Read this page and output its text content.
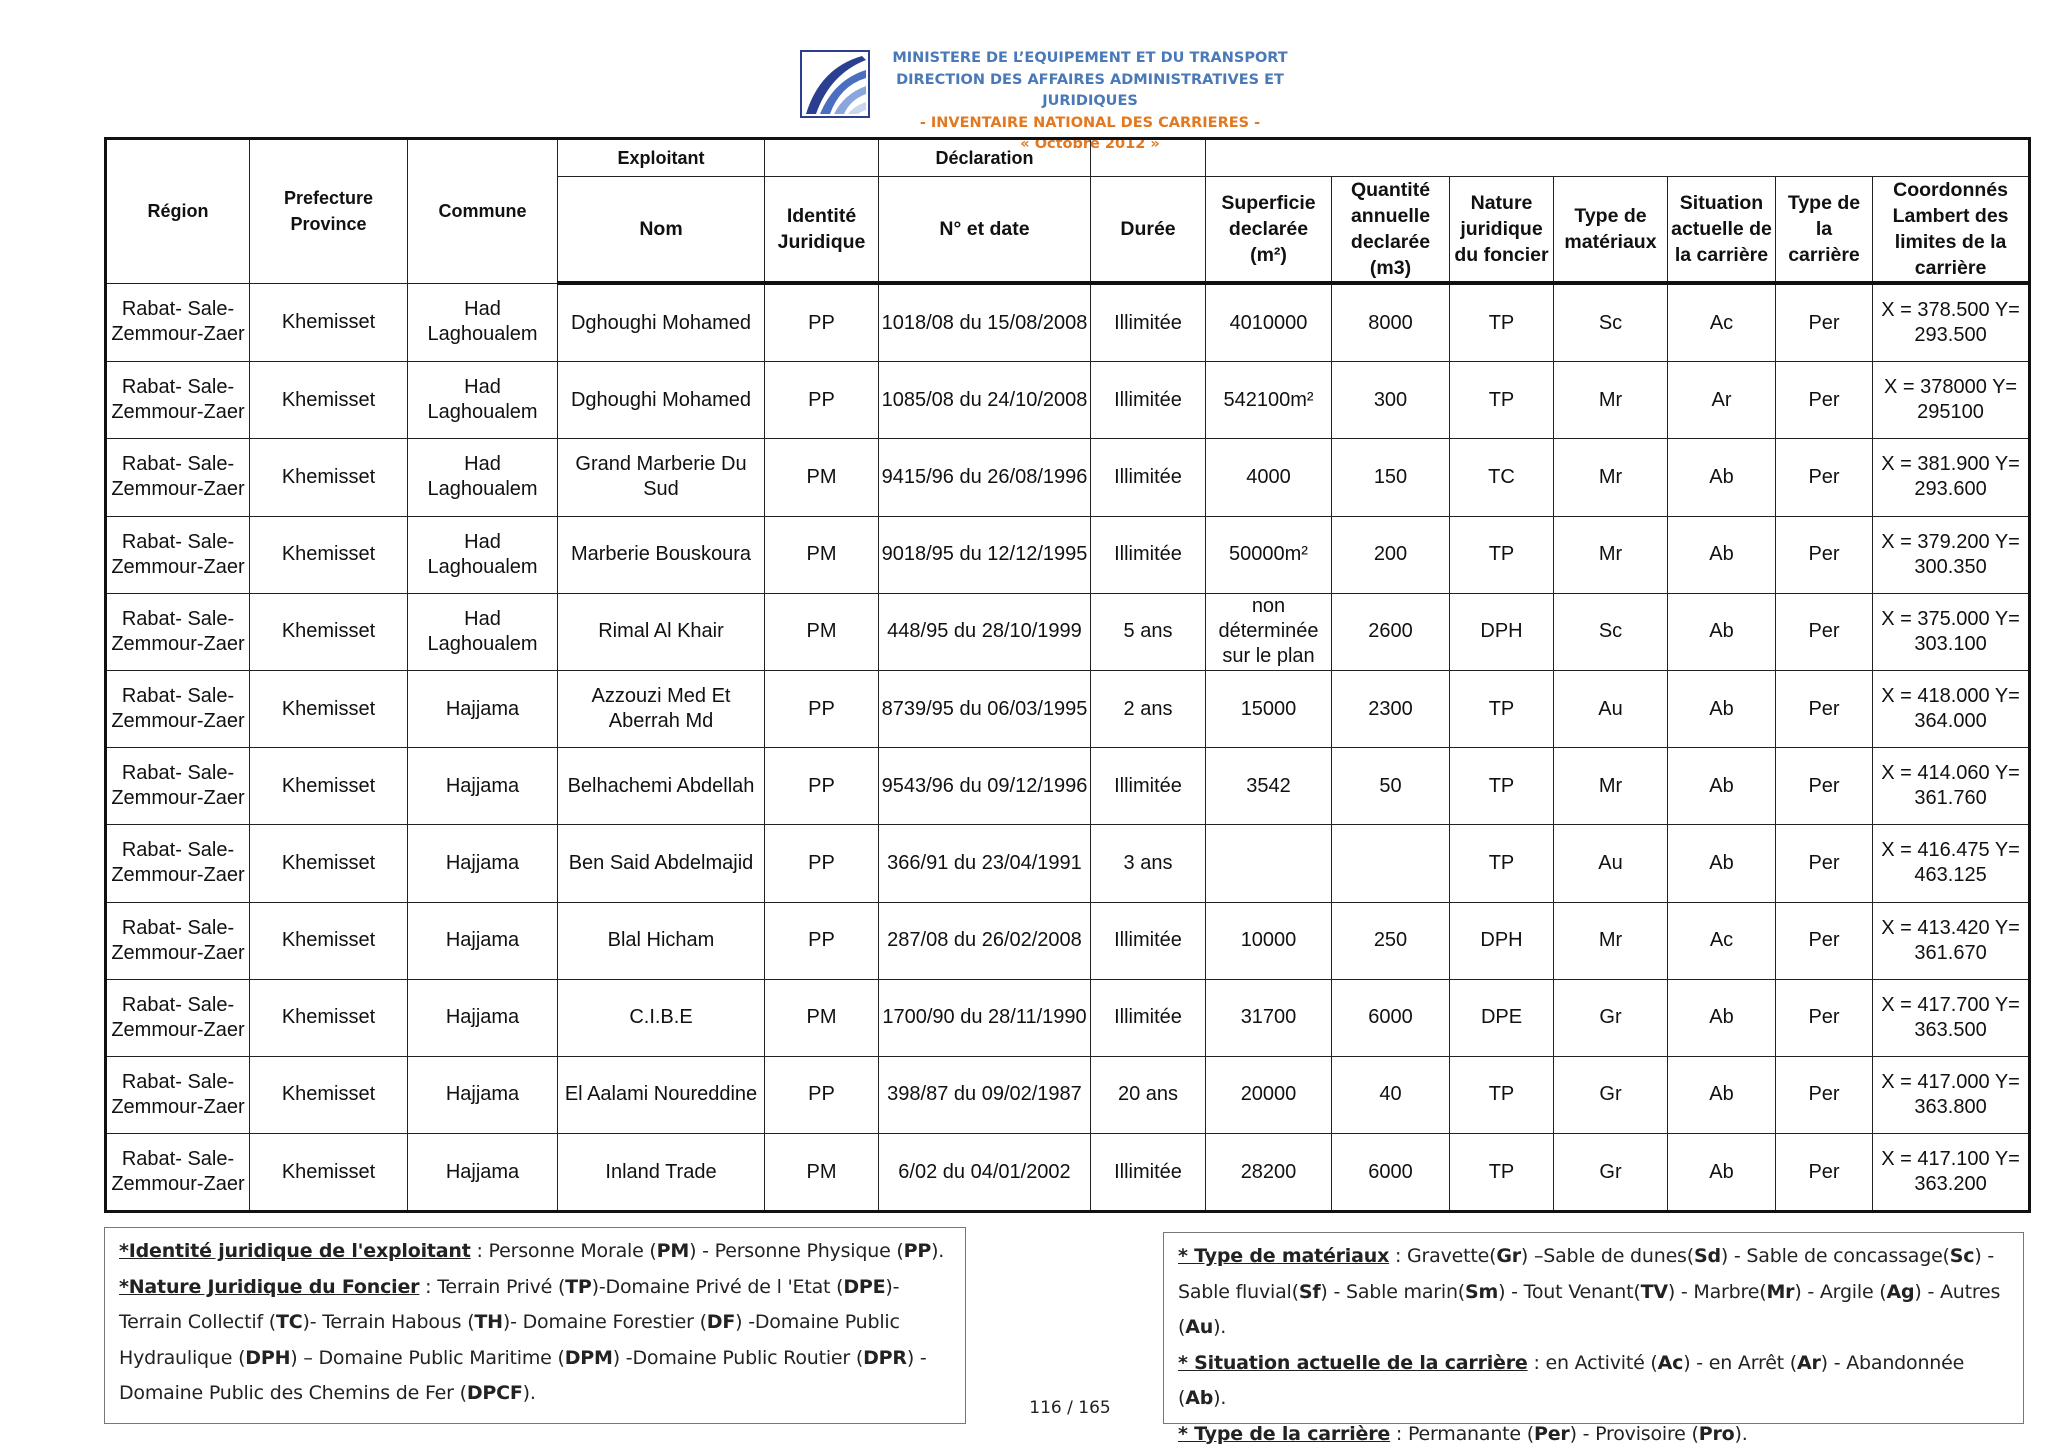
MINISTERE DE L’EQUIPEMENT ET DU TRANSPORT
DIRECTION DES AFFAIRES ADMINISTRATIVES ET JURIDIQUES
- INVENTAIRE NATIONAL DES CARRIERES -
« Octobre 2012 »
Région	Prefecture Province	Commune	Exploitant		Déclaration								
			Nom	Identité Juridique	N° et date	Durée	Superficie declarée (m²)	Quantité annuelle declarée (m3)	Nature juridique du foncier	Type de matériaux	Situation actuelle de la carrière	Type de la carrière	Coordonnés Lambert des limites de la carrière
Rabat- Sale-Zemmour-Zaer	Khemisset	Had Laghoualem	Dghoughi Mohamed	PP	1018/08 du 15/08/2008	Illimitée	4010000	8000	TP	Sc	Ac	Per	X = 378.500 Y= 293.500
Rabat- Sale-Zemmour-Zaer	Khemisset	Had Laghoualem	Dghoughi Mohamed	PP	1085/08 du 24/10/2008	Illimitée	542100m²	300	TP	Mr	Ar	Per	X = 378000 Y= 295100
Rabat- Sale-Zemmour-Zaer	Khemisset	Had Laghoualem	Grand Marberie Du Sud	PM	9415/96 du 26/08/1996	Illimitée	4000	150	TC	Mr	Ab	Per	X = 381.900 Y= 293.600
Rabat- Sale-Zemmour-Zaer	Khemisset	Had Laghoualem	Marberie Bouskoura	PM	9018/95 du 12/12/1995	Illimitée	50000m²	200	TP	Mr	Ab	Per	X = 379.200 Y= 300.350
Rabat- Sale-Zemmour-Zaer	Khemisset	Had Laghoualem	Rimal Al Khair	PM	448/95 du 28/10/1999	5 ans	non déterminée sur le plan	2600	DPH	Sc	Ab	Per	X = 375.000 Y= 303.100
Rabat- Sale-Zemmour-Zaer	Khemisset	Hajjama	Azzouzi Med Et Aberrah Md	PP	8739/95 du 06/03/1995	2 ans	15000	2300	TP	Au	Ab	Per	X = 418.000 Y= 364.000
Rabat- Sale-Zemmour-Zaer	Khemisset	Hajjama	Belhachemi Abdellah	PP	9543/96 du 09/12/1996	Illimitée	3542	50	TP	Mr	Ab	Per	X = 414.060 Y= 361.760
Rabat- Sale-Zemmour-Zaer	Khemisset	Hajjama	Ben Said Abdelmajid	PP	366/91 du 23/04/1991	3 ans			TP	Au	Ab	Per	X = 416.475 Y= 463.125
Rabat- Sale-Zemmour-Zaer	Khemisset	Hajjama	Blal Hicham	PP	287/08 du 26/02/2008	Illimitée	10000	250	DPH	Mr	Ac	Per	X = 413.420 Y= 361.670
Rabat- Sale-Zemmour-Zaer	Khemisset	Hajjama	C.I.B.E	PM	1700/90 du 28/11/1990	Illimitée	31700	6000	DPE	Gr	Ab	Per	X = 417.700 Y= 363.500
Rabat- Sale-Zemmour-Zaer	Khemisset	Hajjama	El Aalami Noureddine	PP	398/87 du 09/02/1987	20 ans	20000	40	TP	Gr	Ab	Per	X = 417.000 Y= 363.800
Rabat- Sale-Zemmour-Zaer	Khemisset	Hajjama	Inland Trade	PM	6/02 du 04/01/2002	Illimitée	28200	6000	TP	Gr	Ab	Per	X = 417.100 Y= 363.200
*Identité juridique de l'exploitant : Personne Morale (PM) - Personne Physique (PP).
*Nature Juridique du Foncier : Terrain Privé (TP)-Domaine Privé de l 'Etat (DPE)- Terrain Collectif (TC)- Terrain Habous (TH)- Domaine Forestier (DF) -Domaine Public Hydraulique (DPH) – Domaine Public Maritime (DPM) -Domaine Public Routier (DPR) - Domaine Public des Chemins de Fer (DPCF).
* Type de matériaux : Gravette(Gr) –Sable de dunes(Sd) - Sable de concassage(Sc) - Sable fluvial(Sf) - Sable marin(Sm) - Tout Venant(TV) - Marbre(Mr) - Argile (Ag) - Autres (Au).
* Situation actuelle de la carrière : en Activité (Ac) - en Arrêt (Ar) - Abandonnée (Ab).
* Type de la carrière : Permanante (Per) - Provisoire (Pro).
116 / 165
